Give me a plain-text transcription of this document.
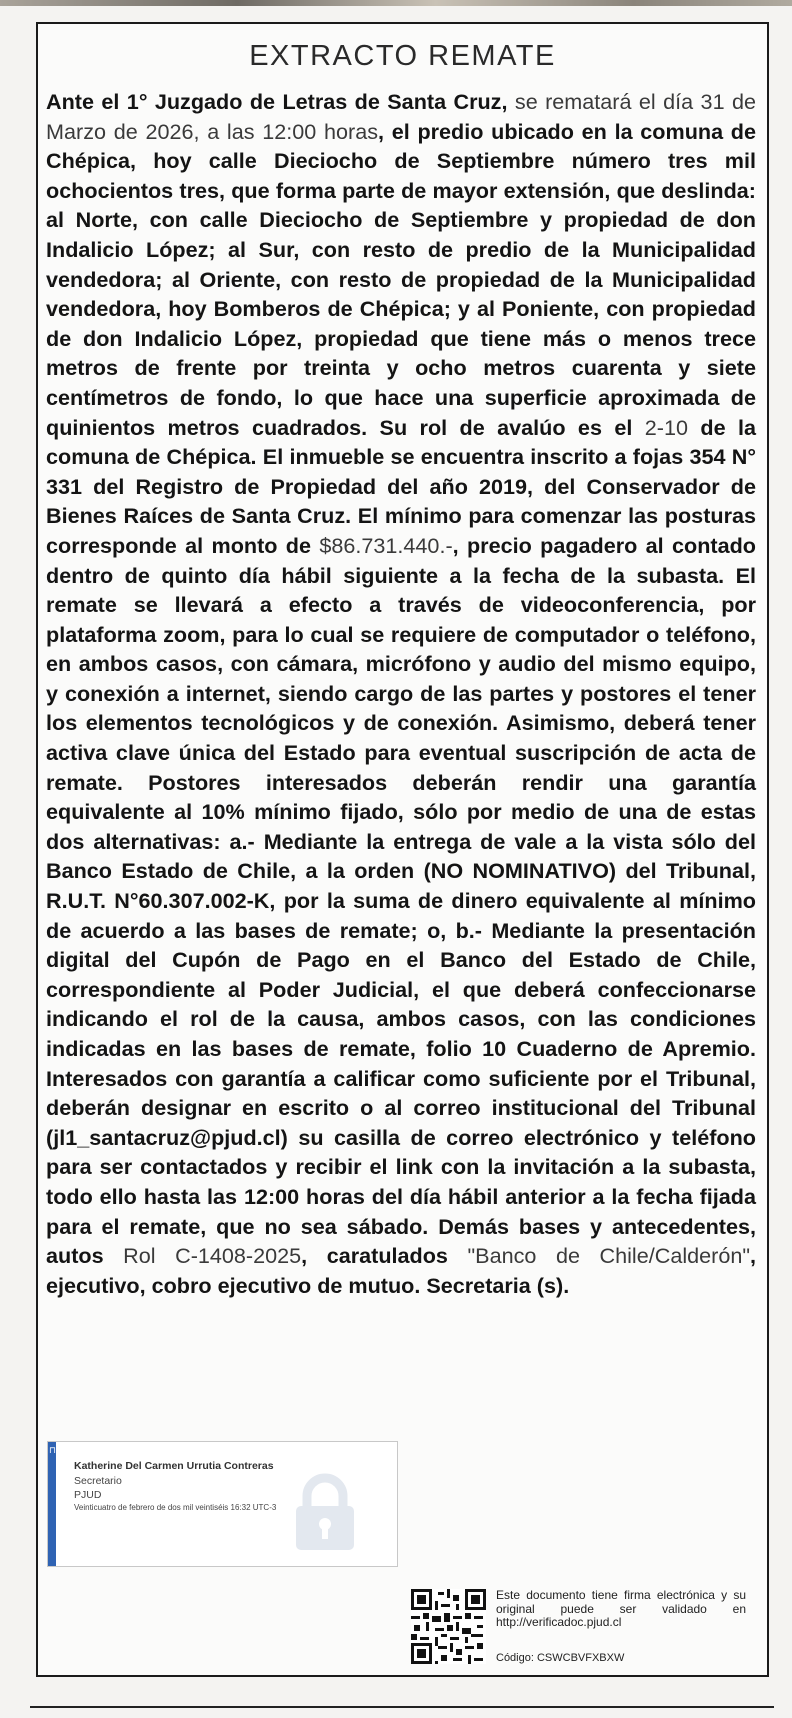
EXTRACTO REMATE

Ante el 1° Juzgado de Letras de Santa Cruz, se rematará el día 31 de Marzo de 2026, a las 12:00 horas, el predio ubicado en la comuna de Chépica, hoy calle Dieciocho de Septiembre número tres mil ochocientos tres, que forma parte de mayor extensión, que deslinda: al Norte, con calle Dieciocho de Septiembre y propiedad de don Indalicio López; al Sur, con resto de predio de la Municipalidad vendedora; al Oriente, con resto de propiedad de la Municipalidad vendedora, hoy Bomberos de Chépica; y al Poniente, con propiedad de don Indalicio López, propiedad que tiene más o menos trece metros de frente por treinta y ocho metros cuarenta y siete centímetros de fondo, lo que hace una superficie aproximada de quinientos metros cuadrados. Su rol de avalúo es el 2-10 de la comuna de Chépica. El inmueble se encuentra inscrito a fojas 354 N° 331 del Registro de Propiedad del año 2019, del Conservador de Bienes Raíces de Santa Cruz. El mínimo para comenzar las posturas corresponde al monto de $86.731.440.-, precio pagadero al contado dentro de quinto día hábil siguiente a la fecha de la subasta. El remate se llevará a efecto a través de videoconferencia, por plataforma zoom, para lo cual se requiere de computador o teléfono, en ambos casos, con cámara, micrófono y audio del mismo equipo, y conexión a internet, siendo cargo de las partes y postores el tener los elementos tecnológicos y de conexión. Asimismo, deberá tener activa clave única del Estado para eventual suscripción de acta de remate. Postores interesados deberán rendir una garantía equivalente al 10% mínimo fijado, sólo por medio de una de estas dos alternativas: a.- Mediante la entrega de vale a la vista sólo del Banco Estado de Chile, a la orden (NO NOMINATIVO) del Tribunal, R.U.T. N°60.307.002-K, por la suma de dinero equivalente al mínimo de acuerdo a las bases de remate; o, b.- Mediante la presentación digital del Cupón de Pago en el Banco del Estado de Chile, correspondiente al Poder Judicial, el que deberá confeccionarse indicando el rol de la causa, ambos casos, con las condiciones indicadas en las bases de remate, folio 10 Cuaderno de Apremio. Interesados con garantía a calificar como suficiente por el Tribunal, deberán designar en escrito o al correo institucional del Tribunal (jl1_santacruz@pjud.cl) su casilla de correo electrónico y teléfono para ser contactados y recibir el link con la invitación a la subasta, todo ello hasta las 12:00 horas del día hábil anterior a la fecha fijada para el remate, que no sea sábado. Demás bases y antecedentes, autos Rol C-1408-2025, caratulados "Banco de Chile/Calderón", ejecutivo, cobro ejecutivo de mutuo. Secretaria (s).

⊓
Katherine Del Carmen Urrutia Contreras
Secretario
PJUD
Veinticuatro de febrero de dos mil veintiséis 16:32 UTC-3

Este documento tiene firma electrónica y su original puede ser validado en http://verificadoc.pjud.cl

Código: CSWCBVFXBXW
